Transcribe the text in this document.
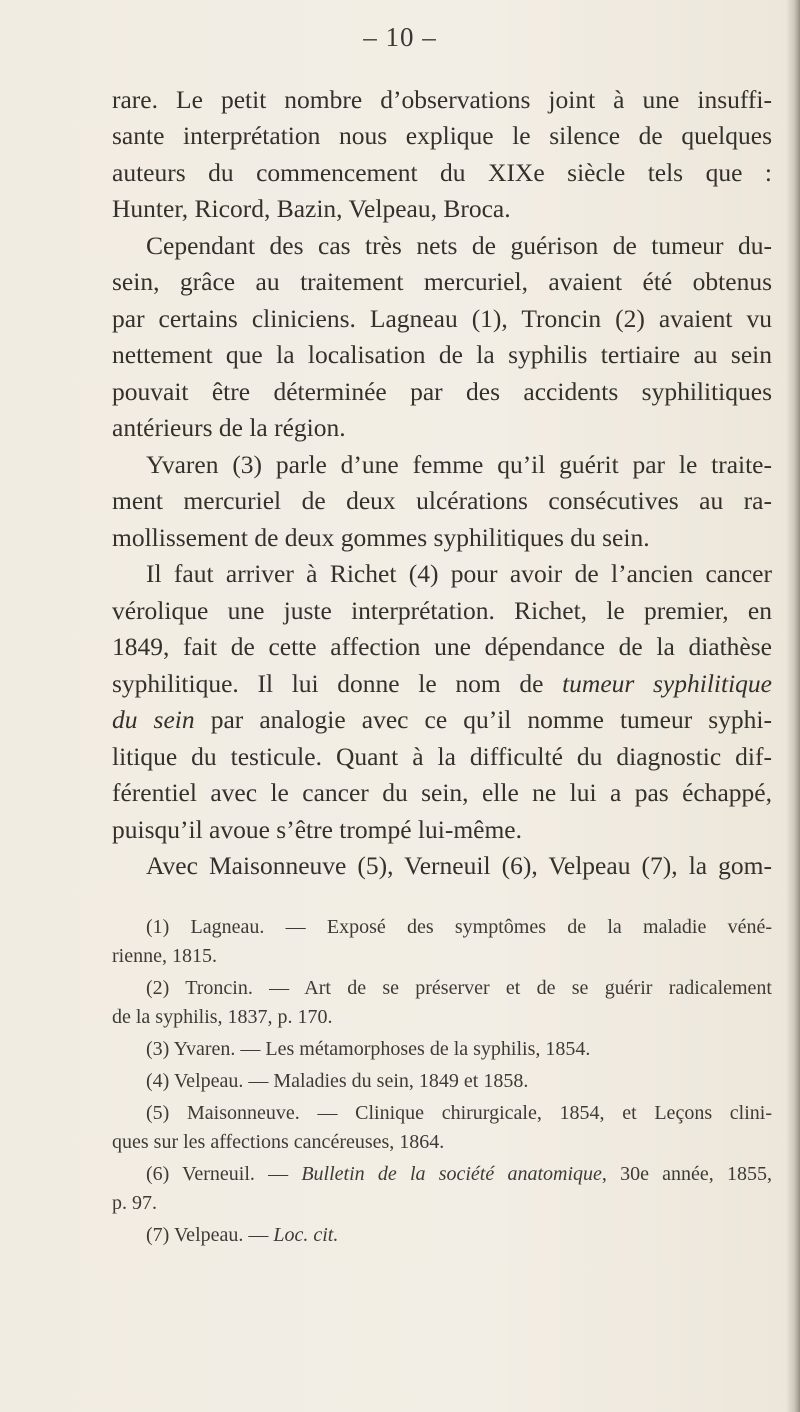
– 10 –
rare. Le petit nombre d’observations joint à une insuffi-
sante interprétation nous explique le silence de quelques
auteurs du commencement du XIXe siècle tels que :
Hunter, Ricord, Bazin, Velpeau, Broca.
Cependant des cas très nets de guérison de tumeur du-
sein, grâce au traitement mercuriel, avaient été obtenus
par certains cliniciens. Lagneau (1), Troncin (2) avaient vu
nettement que la localisation de la syphilis tertiaire au sein
pouvait être déterminée par des accidents syphilitiques
antérieurs de la région.
Yvaren (3) parle d’une femme qu’il guérit par le traite-
ment mercuriel de deux ulcérations consécutives au ra-
mollissement de deux gommes syphilitiques du sein.
Il faut arriver à Richet (4) pour avoir de l’ancien cancer
vérolique une juste interprétation. Richet, le premier, en
1849, fait de cette affection une dépendance de la diathèse
syphilitique. Il lui donne le nom de tumeur syphilitique
du sein par analogie avec ce qu’il nomme tumeur syphi-
litique du testicule. Quant à la difficulté du diagnostic dif-
férentiel avec le cancer du sein, elle ne lui a pas échappé,
puisqu’il avoue s’être trompé lui-même.
Avec Maisonneuve (5), Verneuil (6), Velpeau (7), la gom-
(1) Lagneau. — Exposé des symptômes de la maladie véné-
rienne, 1815.
(2) Troncin. — Art de se préserver et de se guérir radicalement
de la syphilis, 1837, p. 170.
(3) Yvaren. — Les métamorphoses de la syphilis, 1854.
(4) Velpeau. — Maladies du sein, 1849 et 1858.
(5) Maisonneuve. — Clinique chirurgicale, 1854, et Leçons clini-
ques sur les affections cancéreuses, 1864.
(6) Verneuil. — Bulletin de la société anatomique, 30e année, 1855,
p. 97.
(7) Velpeau. — Loc. cit.
